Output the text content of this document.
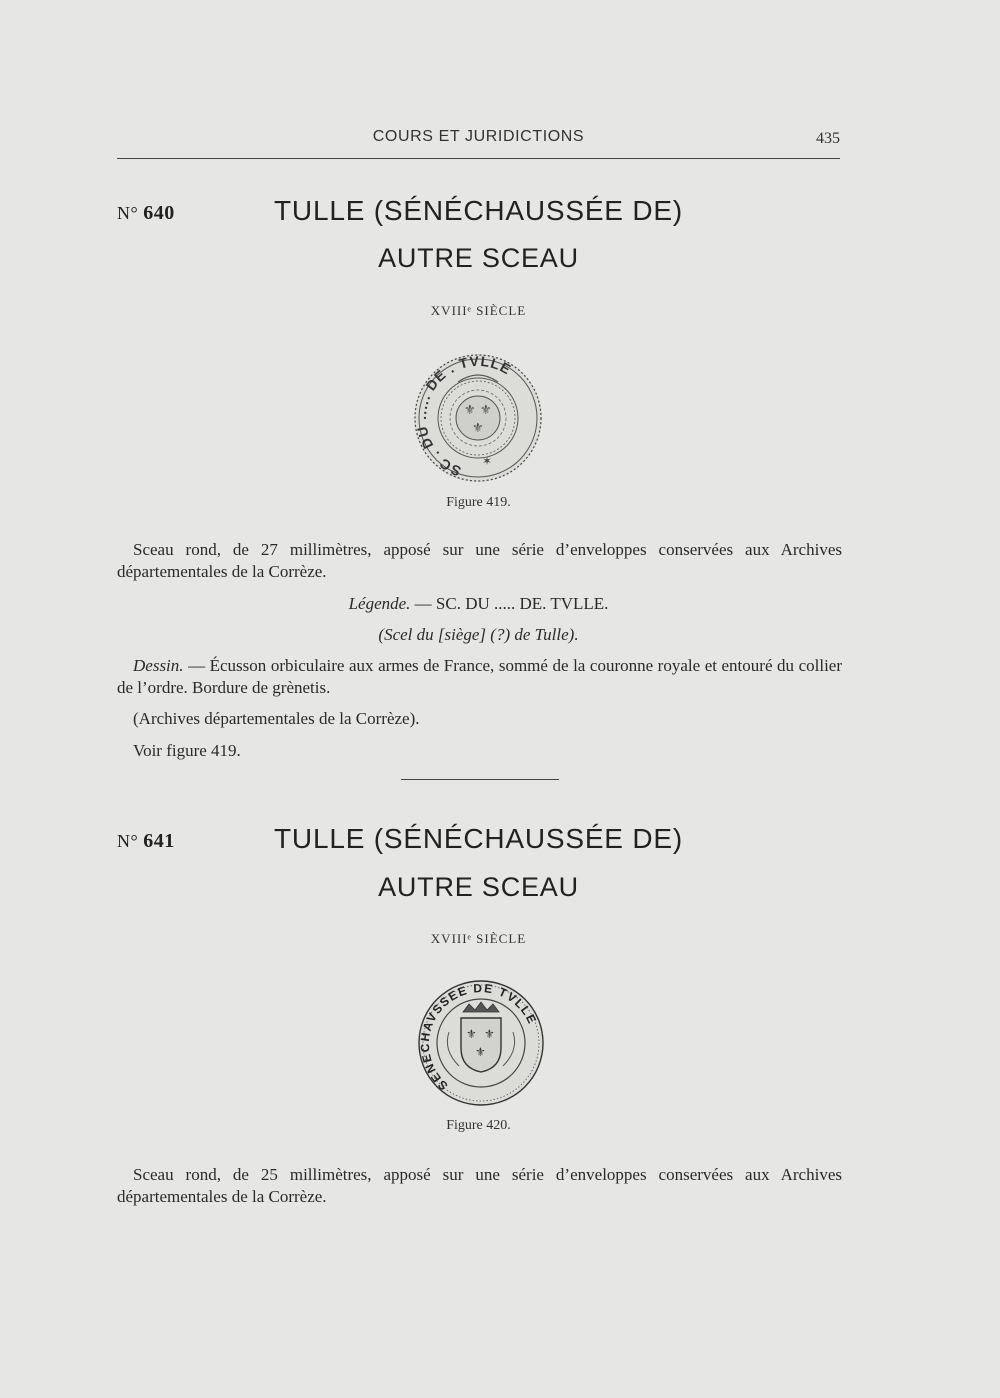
COURS ET JURIDICTIONS	435
N° 640	TULLE (SÉNÉCHAUSSÉE DE)
AUTRE SCEAU
XVIIIᵉ SIÈCLE
SC . DU ..... DE . TVLLE
⚜ ⚜
⚜
✶
Figure 419.

Sceau rond, de 27 millimètres, apposé sur une série d’enveloppes conservées aux Archives départementales de la Corrèze.

Légende. — SC. DU ..... DE. TVLLE.
(Scel du [siège] (?) de Tulle).

Dessin. — Écusson orbiculaire aux armes de France, sommé de la couronne royale et entouré du collier de l’ordre. Bordure de grènetis.

(Archives départementales de la Corrèze).
Voir figure 419.
N° 641	TULLE (SÉNÉCHAUSSÉE DE)
AUTRE SCEAU
XVIIIᵉ SIÈCLE
SENECHAVSSEE DE TVLLE
⚜ ⚜
⚜
Figure 420.

Sceau rond, de 25 millimètres, apposé sur une série d’enveloppes conservées aux Archives départementales de la Corrèze.
